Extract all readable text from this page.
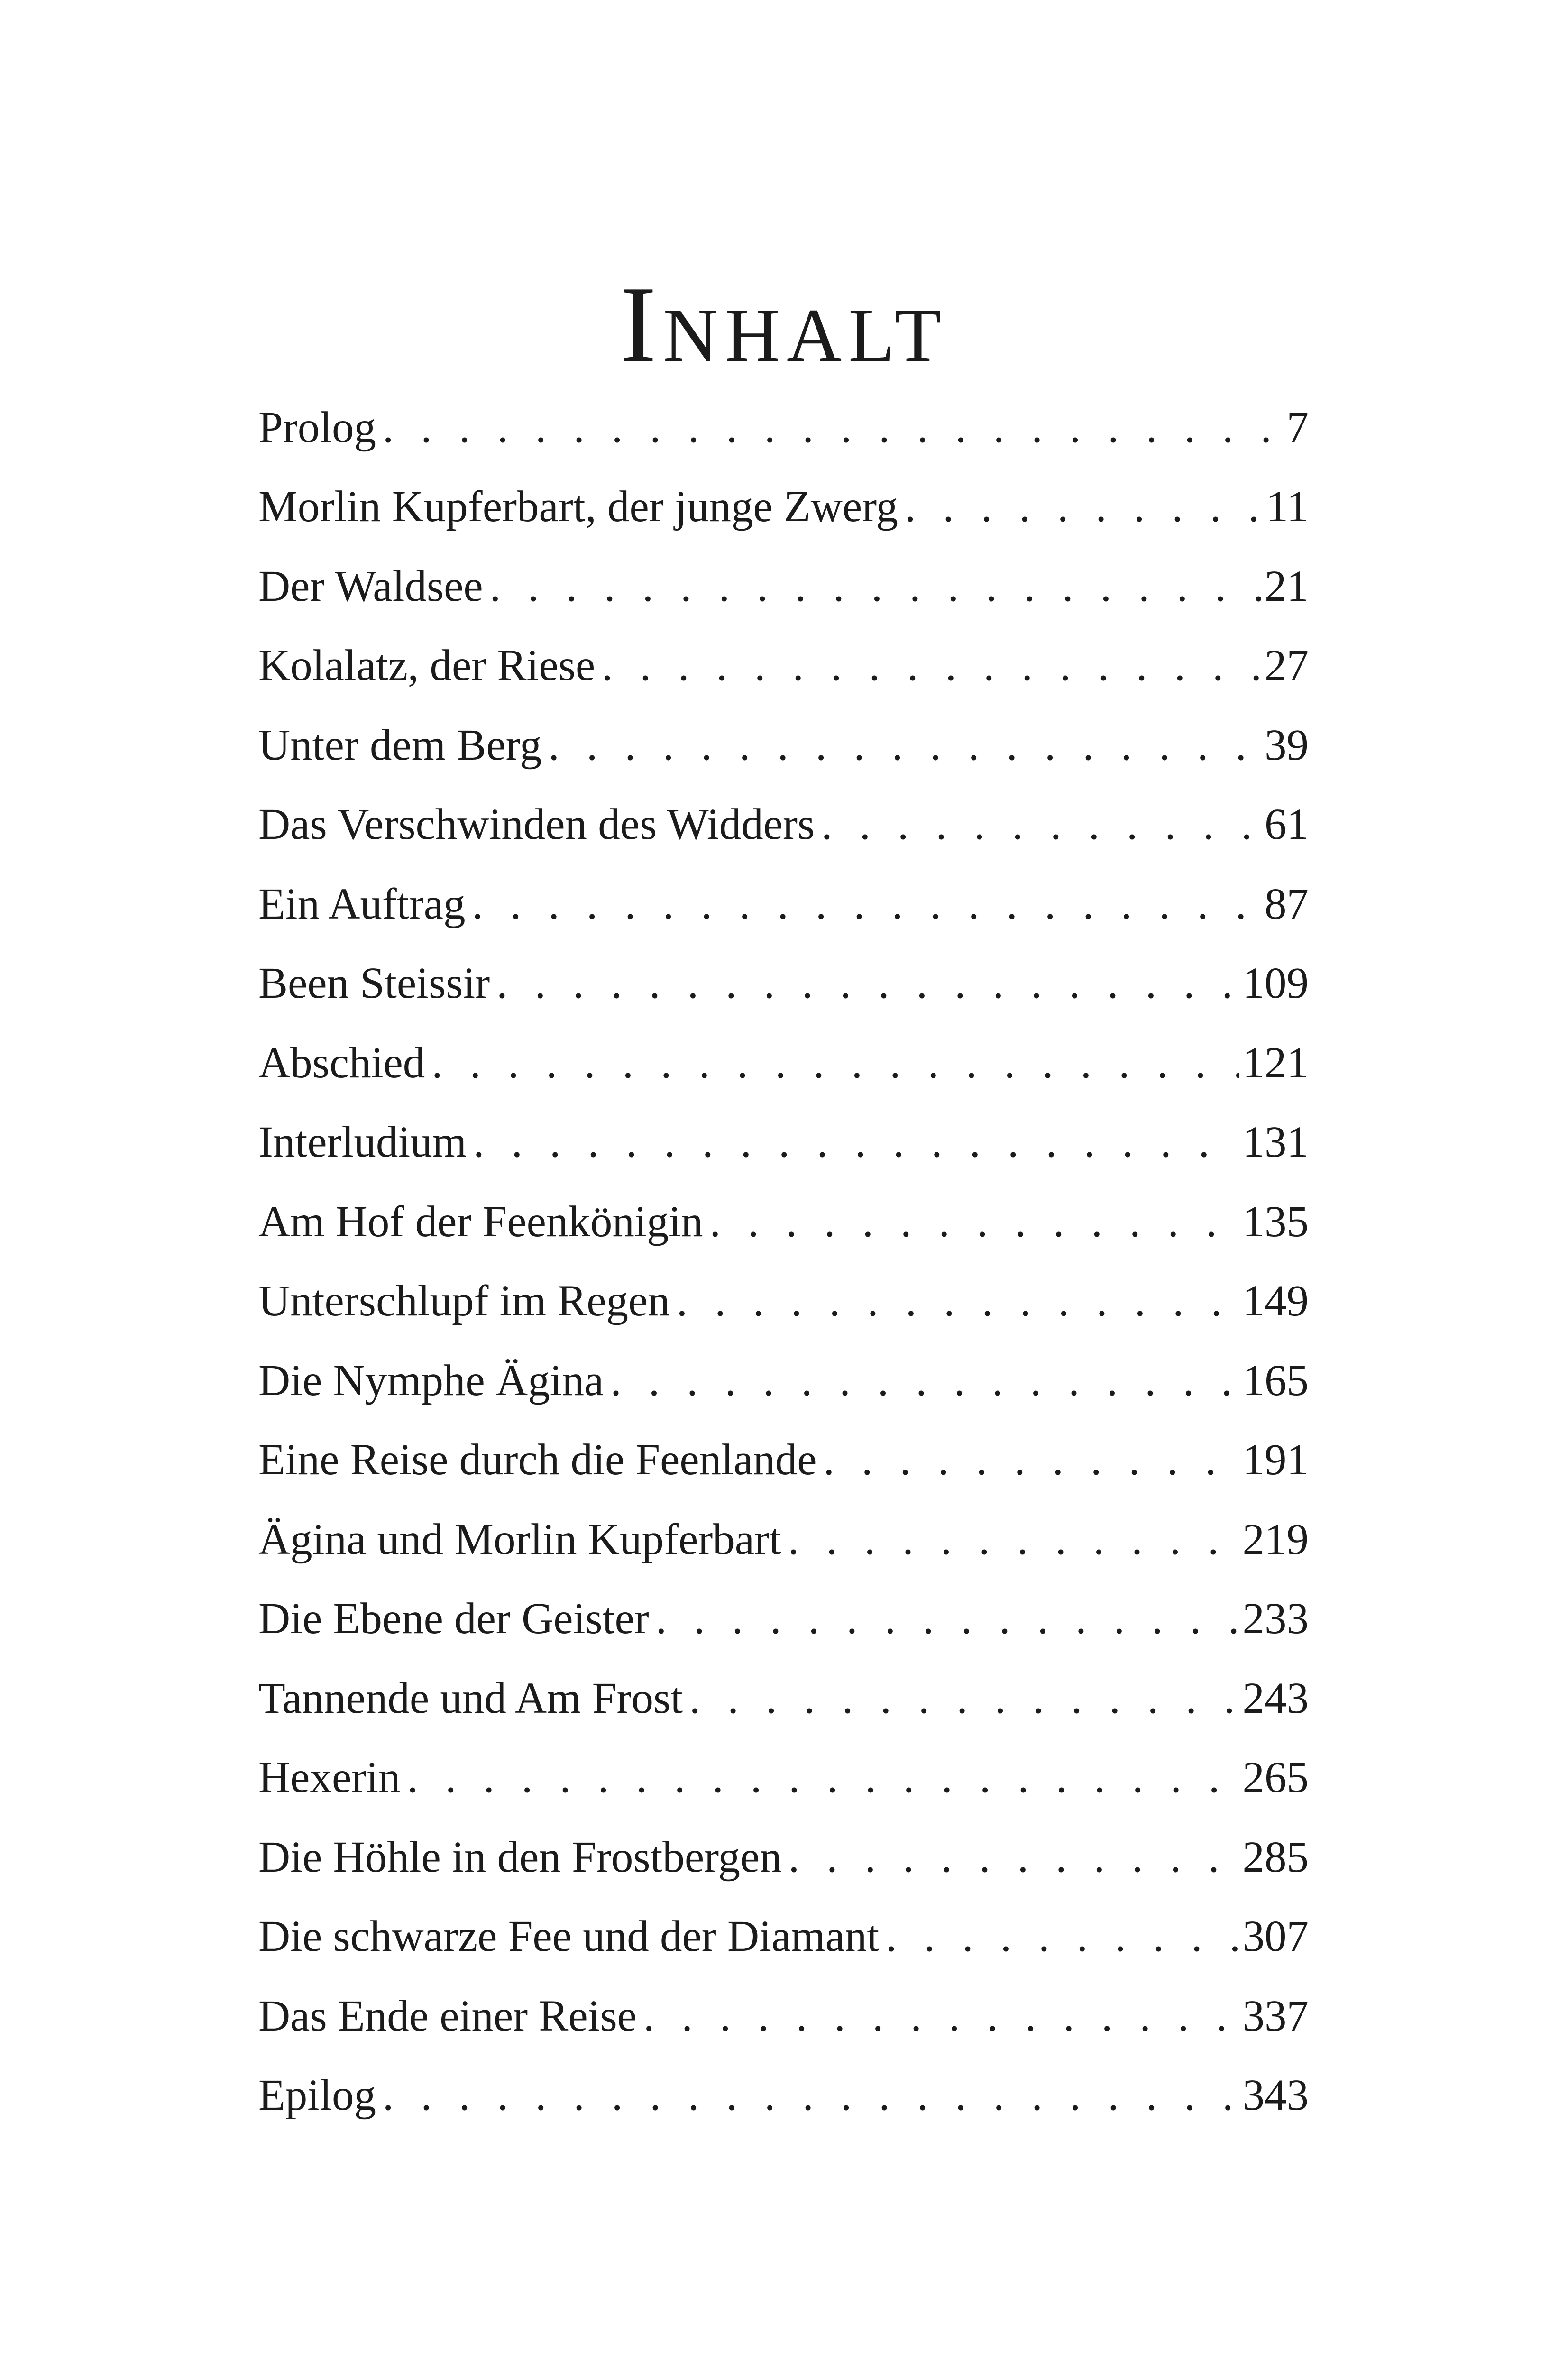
Inhalt
Prolog . . .	7
Morlin Kupferbart, der junge Zwerg . . .	11
Der Waldsee . . .	21
Kolalatz, der Riese . . .	27
Unter dem Berg . . .	39
Das Verschwinden des Widders . . .	61
Ein Auftrag . . .	87
Been Steissir . . .	109
Abschied . . .	121
Interludium . . .	131
Am Hof der Feenkönigin . . .	135
Unterschlupf im Regen . . .	149
Die Nymphe Ägina . . .	165
Eine Reise durch die Feenlande . . .	191
Ägina und Morlin Kupferbart . . .	219
Die Ebene der Geister . . .	233
Tannende und Am Frost . . .	243
Hexerin . . .	265
Die Höhle in den Frostbergen . . .	285
Die schwarze Fee und der Diamant . . .	307
Das Ende einer Reise . . .	337
Epilog . . .	343
